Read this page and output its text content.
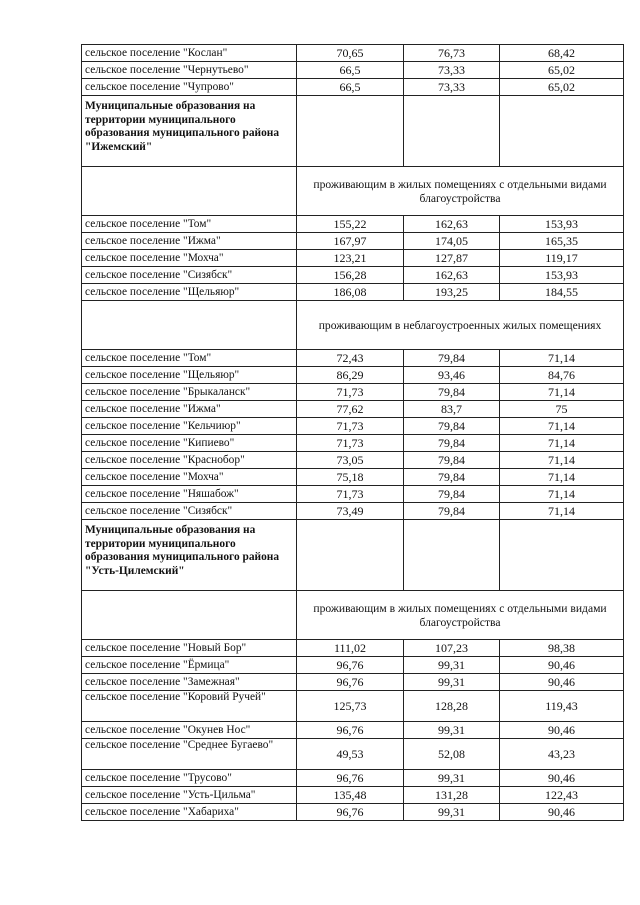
сельское поселение "Кослан"	70,65	76,73	68,42
сельское поселение "Чернутьево"	66,5	73,33	65,02
сельское поселение "Чупрово"	66,5	73,33	65,02
Муниципальные образования на территории муниципального образования муниципального района "Ижемский"			
	проживающим в жилых помещениях с отдельными видами благоустройства		
сельское поселение "Том"	155,22	162,63	153,93
сельское поселение "Ижма"	167,97	174,05	165,35
сельское поселение "Мохча"	123,21	127,87	119,17
сельское поселение "Сизябск"	156,28	162,63	153,93
сельское поселение "Щельяюр"	186,08	193,25	184,55
	проживающим в неблагоустроенных жилых помещениях		
сельское поселение "Том"	72,43	79,84	71,14
сельское поселение "Щельяюр"	86,29	93,46	84,76
сельское поселение "Брыкаланск"	71,73	79,84	71,14
сельское поселение "Ижма"	77,62	83,7	75
сельское поселение "Кельчиюр"	71,73	79,84	71,14
сельское поселение "Кипиево"	71,73	79,84	71,14
сельское поселение "Краснобор"	73,05	79,84	71,14
сельское поселение "Мохча"	75,18	79,84	71,14
сельское поселение "Няшабож"	71,73	79,84	71,14
сельское поселение "Сизябск"	73,49	79,84	71,14
Муниципальные образования на территории муниципального образования муниципального района "Усть-Цилемский"			
	проживающим в жилых помещениях с отдельными видами благоустройства		
сельское поселение "Новый Бор"	111,02	107,23	98,38
сельское поселение "Ёрмица"	96,76	99,31	90,46
сельское поселение "Замежная"	96,76	99,31	90,46
сельское поселение "Коровий Ручей"	125,73	128,28	119,43
сельское поселение "Окунев Нос"	96,76	99,31	90,46
сельское поселение "Среднее Бугаево"	49,53	52,08	43,23
сельское поселение "Трусово"	96,76	99,31	90,46
сельское поселение "Усть-Цильма"	135,48	131,28	122,43
сельское поселение "Хабариха"	96,76	99,31	90,46
